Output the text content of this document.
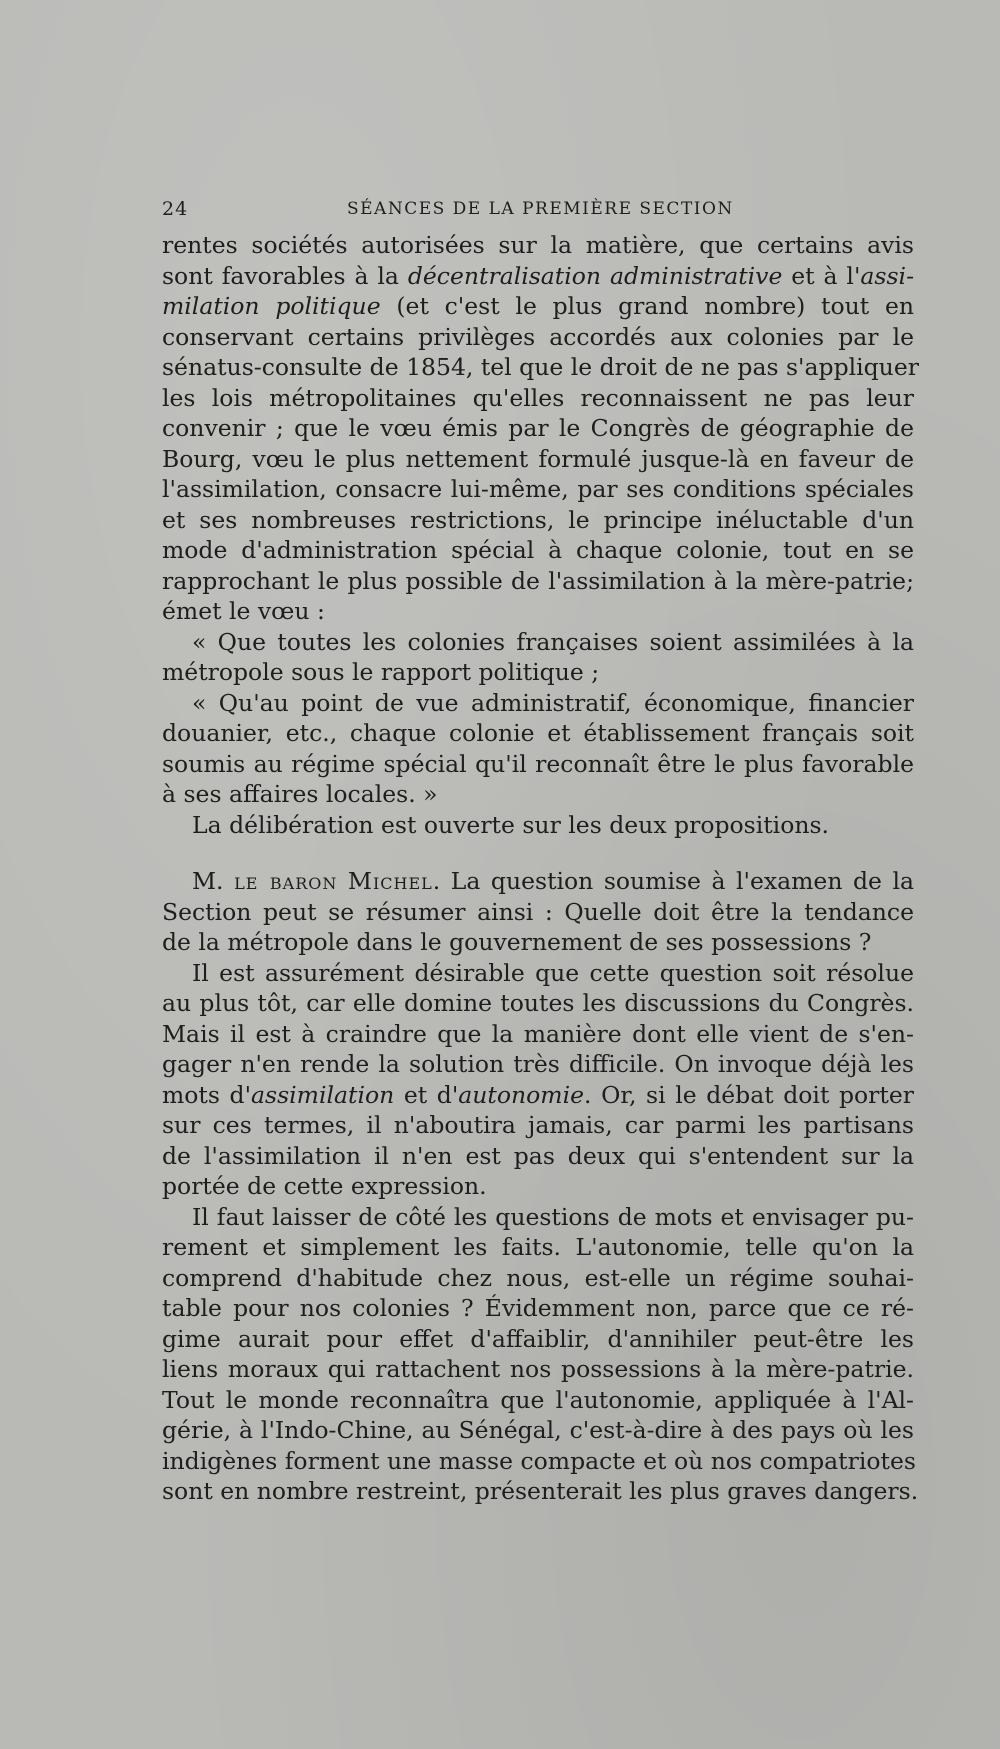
24	SÉANCES DE LA PREMIÈRE SECTION
rentes sociétés autorisées sur la matière, que certains avis
sont favorables à la décentralisation administrative et à l'assi-
milation politique (et c'est le plus grand nombre) tout en
conservant certains privilèges accordés aux colonies par le
sénatus-consulte de 1854, tel que le droit de ne pas s'appliquer
les lois métropolitaines qu'elles reconnaissent ne pas leur
convenir ; que le vœu émis par le Congrès de géographie de
Bourg, vœu le plus nettement formulé jusque-là en faveur de
l'assimilation, consacre lui-même, par ses conditions spéciales
et ses nombreuses restrictions, le principe inéluctable d'un
mode d'administration spécial à chaque colonie, tout en se
rapprochant le plus possible de l'assimilation à la mère-patrie;
émet le vœu :
« Que toutes les colonies françaises soient assimilées à la
métropole sous le rapport politique ;
« Qu'au point de vue administratif, économique, financier
douanier, etc., chaque colonie et établissement français soit
soumis au régime spécial qu'il reconnaît être le plus favorable
à ses affaires locales. »
La délibération est ouverte sur les deux propositions.
M. le baron Michel. La question soumise à l'examen de la
Section peut se résumer ainsi : Quelle doit être la tendance
de la métropole dans le gouvernement de ses possessions ?
Il est assurément désirable que cette question soit résolue
au plus tôt, car elle domine toutes les discussions du Congrès.
Mais il est à craindre que la manière dont elle vient de s'en-
gager n'en rende la solution très difficile. On invoque déjà les
mots d'assimilation et d'autonomie. Or, si le débat doit porter
sur ces termes, il n'aboutira jamais, car parmi les partisans
de l'assimilation il n'en est pas deux qui s'entendent sur la
portée de cette expression.
Il faut laisser de côté les questions de mots et envisager pu-
rement et simplement les faits. L'autonomie, telle qu'on la
comprend d'habitude chez nous, est-elle un régime souhai-
table pour nos colonies ? Évidemment non, parce que ce ré-
gime aurait pour effet d'affaiblir, d'annihiler peut-être les
liens moraux qui rattachent nos possessions à la mère-patrie.
Tout le monde reconnaîtra que l'autonomie, appliquée à l'Al-
gérie, à l'Indo-Chine, au Sénégal, c'est-à-dire à des pays où les
indigènes forment une masse compacte et où nos compatriotes
sont en nombre restreint, présenterait les plus graves dangers.
